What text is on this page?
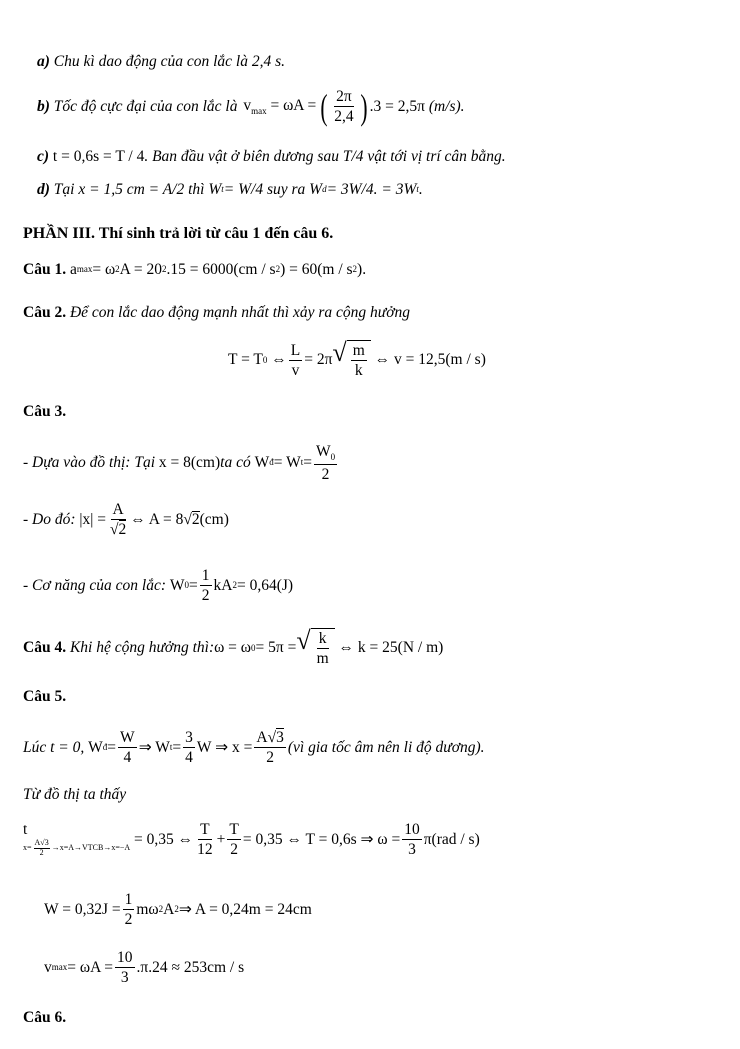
a)
Chu kì dao động của con lắc là 2,4 s.
b)
Tốc độ cực đại của con lắc là
$v_{max} = \omega A$ = ( $\frac{2\pi}{2,4}$ ) .3 = 2,5π
(m/s).
c)
t = 0,6s = T / 4 . Ban đầu vật ở biên dương sau T/4 vật tới vị trí cân bằng.
d)
Tại x = 1,5 cm = A/2 thì W t = W/4 suy ra W d = 3W/4. = 3W t .
PHẦN III. Thí sinh trả lời từ câu 1 đến câu 6.
Câu 1.
a max = ω 2 A = 20 2 .15 = 6000(cm / s 2 ) = 60(m / s 2 ).
Câu 2.
Để con lắc dao động mạnh nhất thì xảy ra cộng hưởng
T = T 0
⇔ $\frac{L}{v} = 2\pi$ √ $\frac{m}{k}$
⇔ v = 12,5(m / s)
Câu 3.
- Dựa vào đồ thị: Tại
x = 8(cm) ta có
W đ = W $t = \frac{W_0}{2}$
- Do đó:
$|x| = \frac{A}{√2}$ ⇔ A = 8 √ 2 (cm)
- Cơ năng của con lắc:
W $0 = \frac{1}{2}$ kA 2 = 0,64(J)
Câu 4.
Khi hệ cộng hưởng thì: ω = ω 0 = 5π = √ $\frac{k}{m}$
⇔ k = 25(N / m)
Câu 5.
Lúc t = 0,
W đ = $\frac{W}{4}$ ⇒ W $t = \frac{3}{4}$ W ⇒ $x = \frac{A√3}{2}$ (vì gia tốc âm nên li độ dương).
Từ đồ thị ta thấy
t
$x= \frac{A√3}{2}$ →x=A→VTCB→x=−A
= 0,35 ⇔ $\frac{T}{12} + \frac{T}{2} = 0,35$ ⇔ T = 0,6s ⇒ $\omega = \frac{10}{3} \pi(rad / s)$
$W = 0,32J = \frac{1}{2}$ mω 2 A 2 ⇒ A = 0,24m = 24cm
v $\max = \omega A = \frac{10}{3} .\pi.24 \approx 253cm / s$
Câu 6.
